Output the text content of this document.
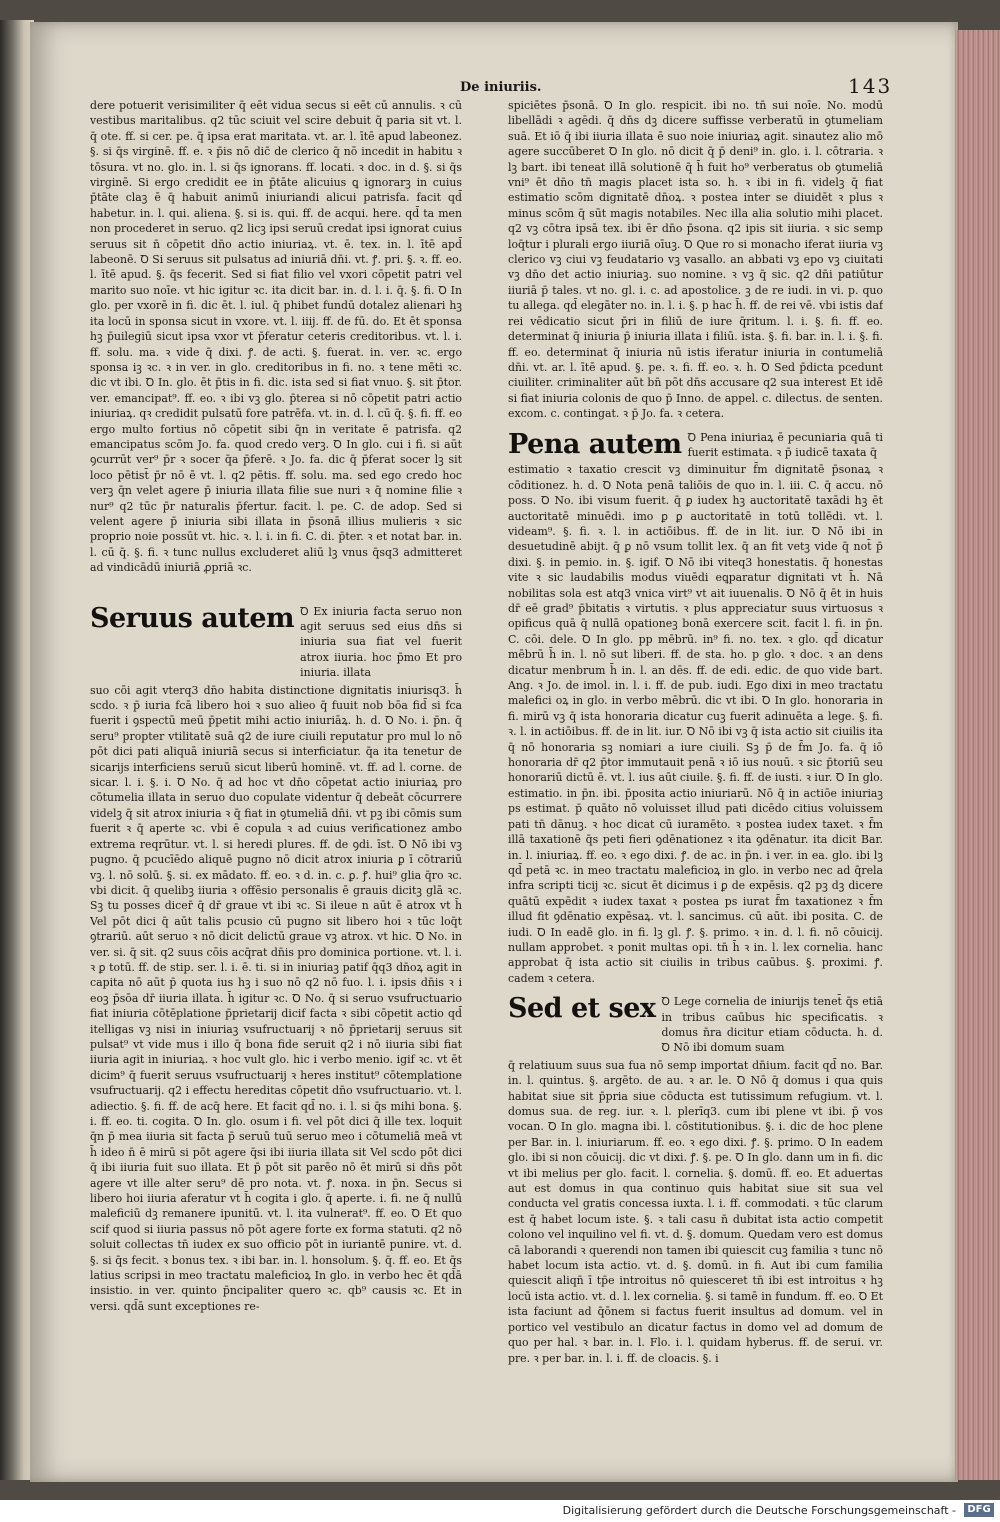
De iniuriis.	143

dere potuerit verisimiliter q̄ eēt vidua secus si eēt cū annulis. ꝛ cū vestibus maritalibus. q2 tūc sciuit vel scire debuit q̄ paria sit vt. l. q̄ ote. ff. si cer. pe. q̄ ipsa erat maritata. vt. ar. l. ītē apud labeonez. §. si q̄s virginē. ff. e. ꝛ p̄is nō dic̄ de clerico q̄ nō incedit in habitu ꝛ tōsura. vt no. glo. in. l. si q̄s ignorans. ff. locati. ꝛ doc. in d. §. si q̄s virginē. Si ergo credidit ee in p̄tāte alicuius ꝗ ignorarꝫ in cuius p̄tāte claꝫ ē q̄ habuit animū iniuriandi alicui patrisfa. facit qd̄ habetur. in. l. qui. aliena. §. si is. qui. ff. de acqui. here. qd̄ ta men non procederet in seruo. q2 licꝫ ipsi seruū credat ipsi ignorat cuius seruus sit n̄ cōpetit dn̄o actio iniuriaꝝ. vt. ē. tex. in. l. ītē apd̄ labeonē. Ꝺ Si seruus sit pulsatus ad iniuriā dn̄i. vt. ꝭ. pri. §. ꝛ. ff. eo. l. ītē apud. §. q̄s fecerit. Sed si fiat filio vel vxori cōpetit patri vel marito suo noīe. vt hic igitur ꝛc. ita dicit bar. in. d. l. i. q̄. §. fi. Ꝺ In glo. per vxorē in fi. dic ēt. l. iul. q̄ phibet fundū dotalez alienari hꝫ ita locū in sponsa sicut in vxore. vt. l. iiij. ff. de fū. do. Et ēt sponsa hꝫ p̄uilegiū sicut ipsa vxor vt p̄feratur ceteris creditoribus. vt. l. i. ff. solu. ma. ꝛ vide q̄ dixi. ꝭ. de acti. §. fuerat. in. ver. ꝛc. ergo sponsa iꝫ ꝛc. ꝛ in ver. in glo. creditoribus in fi. no. ꝛ tene mēti ꝛc. dic vt ibi. Ꝺ In. glo. ēt p̄tis in fi. dic. ista sed si fiat vnuo. §. sit p̄tor. ver. emancipat⁹. ff. eo. ꝛ ibi vꝫ glo. p̄terea si nō cōpetit patri actio iniuriaꝝ. qꝛ credidit pulsatū fore patrēfa. vt. in. d. l. cū q̄. §. fi. ff. eo ergo multo fortius nō cōpetit sibi q̄n in veritate ē patrisfa. q2 emancipatus scōm Jo. fa. quod credo verꝫ. Ꝺ In glo. cui i fi. si aūt ꝯcurrūt ver⁹ p̄r ꝛ socer q̄a p̄ferē. ꝛ Jo. fa. dic q̄ p̄ferat socer lꝫ sit loco pētist̄ p̄r nō ē vt. l. q2 pētis. ff. solu. ma. sed ego credo hoc verꝫ q̄n velet agere p̄ iniuria illata filie sue nuri ꝛ q̄ nomine filie ꝛ nur⁹ q2 tūc p̄r naturalis p̄fertur. facit. l. pe. C. de adop. Sed si velent agere p̄ iniuria sibi illata in p̄sonā illius mulieris ꝛ sic proprio noie possūt vt. hic. ꝛ. l. i. in fi. C. di. p̄ter. ꝛ et notat bar. in. l. cū q̄. §. fi. ꝛ tunc nullus excluderet aliū lꝫ vnus q̄sq3 admitteret ad vindicādū iniuriā ꝓpriā ꝛc.

Seruus autem Ꝺ Ex iniuria facta seruo non agit seruus sed eius dn̄s si iniuria sua fiat vel fuerit atrox iiuria. hoc p̄mo Et pro iniuria. illata

suo cōi agit vterq3 dn̄o habita distinctione dignitatis iniurisq3. h̄ scdo. ꝛ p̄ iuria fcā libero hoi ꝛ suo alieo q̄ fuuit nob bōa fid̄ si fca fuerit i ꝯspectū meū p̄petit mihi actio iniuriāꝝ. h. d. Ꝺ No. i. p̄n. q̄ seru⁹ propter vtilitatē suā q2 de iure ciuili reputatur pro mul lo nō pōt dici pati aliquā iniuriā secus si interficiatur. q̄a ita tenetur de sicarijs interficiens seruū sicut liberū hominē. vt. ff. ad l. corne. de sicar. l. i. §. i. Ꝺ No. q̄ ad hoc vt dn̄o cōpetat actio iniuriaꝝ pro cōtumelia illata in seruo duo copulate videntur q̄ debeāt cōcurrere videlꝫ q̄ sit atrox iniuria ꝛ q̄ fiat in ꝯtumeliā dn̄i. vt pꝫ ibi cōmis sum fuerit ꝛ q̄ aperte ꝛc. vbi ē copula ꝛ ad cuius verificationez ambo extrema reqrūtur. vt. l. si heredi plures. ff. de ꝯdi. īst. Ꝺ Nō ibi vꝫ pugno. q̄ pcucīēdo aliquē pugno nō dicit atrox iniuria ꝑ ī cōtrariū vꝫ. l. nō solū. §. si. ex mādato. ff. eo. ꝛ d. in. c. ꝑ. ꝭ. hui⁹ glia q̄ro ꝛc. vbi dicit. q̄ quelibꝫ iiuria ꝛ offēsio personalis ē grauis dicitꝫ glā ꝛc. Sꝫ tu posses dicer̄ q̄ dr̄ graue vt ibi ꝛc. Si ileue n aūt ē atrox vt h̄ Vel pōt dici q̄ aūt talis pcusio cū pugno sit libero hoi ꝛ tūc loq̄t ꝯtrariū. aūt seruo ꝛ nō dicit delictū graue vꝫ atrox. vt hic. Ꝺ No. in ver. si. q̄ sit. q2 suus cōis acq̄rat dn̄is pro dominica portione. vt. l. i. ꝛ ꝑ totū. ff. de stip. ser. l. i. ē. ti. si in iniuriaꝫ patif q̄q3 dn̄oꝝ agit in capita nō aūt p̄ quota ius hꝫ i suo nō q2 nō fuo. l. i. ipsis dn̄is ꝛ i eoꝫ p̄sōa dr̄ iiuria illata. h̄ igitur ꝛc. Ꝺ No. q̄ si seruo vsufructuario fiat iniuria cōtēplatione p̄prietarij dicif facta ꝛ sibi cōpetit actio qd̄ itelligas vꝫ nisi in iniuriaꝫ vsufructuarij ꝛ nō p̄prietarij seruus sit pulsat⁹ vt vide mus i illo q̄ bona fide seruit q2 i nō iiuria sibi fiat iiuria agit in iniuriaꝝ. ꝛ hoc vult glo. hic i verbo menio. igif ꝛc. vt ēt dicim⁹ q̄ fuerit seruus vsufructuarij ꝛ heres institut⁹ cōtemplatione vsufructuarij. q2 i effectu hereditas cōpetit dn̄o vsufructuario. vt. l. adiectio. §. fi. ff. de acq̄ here. Et facit qd̄ no. i. l. si q̄s mihi bona. §. i. ff. eo. ti. cogita. Ꝺ In. glo. osum i fi. vel pōt dici q̄ ille tex. loquit q̄n p̄ mea iiuria sit facta p̄ seruū tuū seruo meo i cōtumeliā meā vt h̄ ideo n̄ ē mirū si pōt agere q̄si ibi iiuria illata sit Vel scdo pōt dici q̄ ibi iiuria fuit suo illata. Et p̄ pōt sit parēo nō ēt mirū si dn̄s pōt agere vt ille alter seru⁹ dē pro nota. vt. ꝭ. noxa. in p̄n. Secus si libero hoi iiuria aferatur vt h̄ cogita i glo. q̄ aperte. i. fi. ne q̄ nullū maleficiū dꝫ remanere ipunitū. vt. l. ita vulnerat⁹. ff. eo. Ꝺ Et quo scif quod si iiuria passus nō pōt agere forte ex forma statuti. q2 nō soluit collectas tn̄ iudex ex suo officio pōt in iuriantē punire. vt. d. §. si q̄s fecit. ꝛ bonus tex. ꝛ ibi bar. in. l. honsolum. §. q̄. ff. eo. Et q̄s latius scripsi in meo tractatu maleficioꝝ In glo. in verbo hec ēt qd̄ā insistio. in ver. quinto p̄ncipaliter quero ꝛc. qb⁹ causis ꝛc. Et in versi. qd̄ā sunt exceptiones re-

spiciētes p̄sonā. Ꝺ In glo. respicit. ibi no. tn̄ sui noīe. No. modū libellādi ꝛ agēdi. q̄ dn̄s dꝫ dicere suffisse verberatū in ꝯtumeliam suā. Et iō q̄ ibi iiuria illata ē suo noie iniuriaꝝ agit. sinautez alio mō agere succūberet Ꝺ In glo. nō dicit q̄ p̄ deni⁹ in. glo. i. l. cōtraria. ꝛ lꝫ bart. ibi teneat illā solutionē q̄ h̄ fuit ho⁹ verberatus ob ꝯtumeliā vni⁹ ēt dn̄o tn̄ magis placet ista so. h. ꝛ ibi in fi. videlꝫ q̄ fiat estimatio scōm dignitatē dn̄oꝝ. ꝛ postea inter se diuidēt ꝛ plus ꝛ minus scōm q̄ sūt magis notabiles. Nec illa alia solutio mihi placet. q2 vꝫ cōtra ipsā tex. ibi ēr dn̄o p̄sona. q2 ipis sit iiuria. ꝛ sic semp loq̄tur i plurali ergo iiuriā oīuꝫ. Ꝺ Que ro si monacho iferat iiuria vꝫ clerico vꝫ ciui vꝫ feudatario vꝫ vasallo. an abbati vꝫ epo vꝫ ciuitati vꝫ dn̄o det actio iniuriaꝫ. suo nomine. ꝛ vꝫ q̄ sic. q2 dn̄i patiūtur iiuriā p̄ tales. vt no. gl. i. c. ad apostolice. ꝫ de re iudi. in vi. p. quo tu allega. qd̄ elegāter no. in. l. i. §. p hac h̄. ff. de rei vē. vbi istis daf rei vēdicatio sicut p̄ri in filiū de iure q̄ritum. l. i. §. fi. ff. eo. determinat q̄ iniuria p̄ iniuria illata i filiū. ista. §. fi. bar. in. l. i. §. fi. ff. eo. determinat q̄ iniuria nū istis iferatur iniuria in contumeliā dn̄i. vt. ar. l. ītē apud. §. pe. ꝛ. fi. ff. eo. ꝛ. h. Ꝺ Sed p̄dicta pcedunt ciuiliter. criminaliter aūt bn̄ pōt dn̄s accusare q2 sua interest Et idē si fiat iniuria colonis de quo p̄ Inno. de appel. c. dilectus. de senten. excom. c. contingat. ꝛ p̄ Jo. fa. ꝛ cetera.

Pena autem Ꝺ Pena iniuriaꝝ ē pecuniaria quā ti fuerit estimata. ꝛ p̄ iudicē taxata q̄

estimatio ꝛ taxatio crescit vꝫ diminuitur f̄m dignitatē p̄sonaꝝ ꝛ cōditionez. h. d. Ꝺ Nota penā taliōis de quo in. l. iii. C. q̄ accu. nō poss. Ꝺ No. ibi visum fuerit. q̄ ꝑ iudex hꝫ auctoritatē taxādi hꝫ ēt auctoritatē minuēdi. imo ꝑ ꝑ auctoritatē in totū tollēdi. vt. l. videam⁹. §. fi. ꝛ. l. in actiōibus. ff. de in lit. iur. Ꝺ Nō ibi in desuetudinē abijt. q̄ ꝑ nō vsum tollit lex. q̄ an fit vetꝫ vide q̄ not̄ p̄ dixi. §. in pemio. in. §. igif. Ꝺ Nō ibi viteq3 honestatis. q̄ honestas vite ꝛ sic laudabilis modus viuēdi eꝗparatur dignitati vt h̄. Nā nobilitas sola est atq3 vnica virt⁹ vt ait iuuenalis. Ꝺ Nō q̄ ēt in huis dr̄ eē grad⁹ p̄bitatis ꝛ virtutis. ꝛ plus appreciatur suus virtuosus ꝛ opificus quā q̄ nullā opationeꝫ bonā exercere scit. facit l. fi. in p̄n. C. cōi. dele. Ꝺ In glo. pp mēbrū. in⁹ fi. no. tex. ꝛ glo. qd̄ dicatur mēbrū h̄ in. l. nō sut liberi. ff. de sta. ho. p glo. ꝛ doc. ꝛ an dens dicatur menbrum h̄ in. l. an dēs. ff. de edi. edic. de quo vide bart. Ang. ꝛ Jo. de imol. in. l. i. ff. de pub. iudi. Ego dixi in meo tractatu malefici oꝝ in glo. in verbo mēbrū. dic vt ibi. Ꝺ In glo. honoraria in fi. mirū vꝫ q̄ ista honoraria dicatur cuꝫ fuerit adinuēta a lege. §. fi. ꝛ. l. in actiōibus. ff. de in lit. iur. Ꝺ Nō ibi vꝫ q̄ ista actio sit ciuilis ita q̄ nō honoraria sꝫ nomiari a iure ciuili. Sꝫ p̄ de f̄m Jo. fa. q̄ iō honoraria dr̄ q2 p̄tor immutauit penā ꝛ iō ius nouū. ꝛ sic p̄toriū seu honorariū dictū ē. vt. l. ius aūt ciuile. §. fi. ff. de iusti. ꝛ iur. Ꝺ In glo. estimatio. in p̄n. ibi. p̄posita actio iniuriarū. Nō q̄ in actiōe iniuriaꝫ ps estimat. p̄ quāto nō voluisset illud pati dicēdo citius voluissem pati tn̄ dānuꝫ. ꝛ hoc dicat cū iuramēto. ꝛ postea iudex taxet. ꝛ f̄m illā taxationē q̄s peti fieri ꝯdēnationez ꝛ ita ꝯdēnatur. ita dicit Bar. in. l. iniuriaꝝ. ff. eo. ꝛ ego dixi. ꝭ. de ac. in p̄n. i ver. in ea. glo. ibi lꝫ qd̄ petā ꝛc. in meo tractatu maleficioꝝ in glo. in verbo nec ad q̄rela infra scripti ticij ꝛc. sicut ēt dicimus i ꝑ de expēsis. q2 pꝫ dꝫ dicere quātū expēdit ꝛ iudex taxat ꝛ postea ps iurat f̄m taxationez ꝛ f̄m illud fit ꝯdēnatio expēsaꝝ. vt. l. sancimus. cū aūt. ibi posita. C. de iudi. Ꝺ In eadē glo. in fi. lꝫ gl. ꝭ. §. primo. ꝛ in. d. l. fi. nō cōuicij. nullam approbet. ꝛ ponit multas opi. tn̄ h̄ ꝛ in. l. lex cornelia. hanc approbat q̄ ista actio sit ciuilis in tribus caūbus. §. proximi. ꝭ. cadem ꝛ cetera.

Sed et sex Ꝺ Lege cornelia de iniurijs tenet̄ q̄s etiā in tribus caūbus hic specificatis. ꝛ domus n̄ra dicitur etiam cōducta. h. d. Ꝺ Nō ibi domum suam

q̄ relatiuum suus sua fua nō semp importat dn̄ium. facit qd̄ no. Bar. in. l. quintus. §. argēto. de au. ꝛ ar. le. Ꝺ Nō q̄ domus i qua quis habitat siue sit p̄pria siue cōducta est tutissimum refugium. vt. l. domus sua. de reg. iur. ꝛ. l. plerīq3. cum ibi plene vt ibi. p̄ vos vocan. Ꝺ In glo. magna ibi. l. cōstitutionibus. §. i. dic de hoc plene per Bar. in. l. iniuriarum. ff. eo. ꝛ ego dixi. ꝭ. §. primo. Ꝺ In eadem glo. ibi si non cōuicij. dic vt dixi. ꝭ. §. pe. Ꝺ In glo. dann um in fi. dic vt ibi melius per glo. facit. l. cornelia. §. domū. ff. eo. Et aduertas aut est domus in qua continuo quis habitat siue sit sua vel conducta vel gratis concessa iuxta. l. i. ff. commodati. ꝛ tūc clarum est q̄ habet locum iste. §. ꝛ tali casu n̄ dubitat ista actio competit colono vel inquilino vel fi. vt. d. §. domum. Quedam vero est domus cā laborandi ꝛ querendi non tamen ibi quiescit cuꝫ familia ꝛ tunc nō habet locum ista actio. vt. d. §. domū. in fi. Aut ibi cum familia quiescit aliqn̄ ī tp̄e introitus nō quiesceret tn̄ ibi est introitus ꝛ hꝫ locū ista actio. vt. d. l. lex cornelia. §. si tamē in fundum. ff. eo. Ꝺ Et ista faciunt ad q̄ōnem si factus fuerit insultus ad domum. vel in portico vel vestibulo an dicatur factus in domo vel ad domum de quo per hal. ꝛ bar. in. l. Flo. i. l. quidam hyberus. ff. de serui. vr. pre. ꝛ per bar. in. l. i. ff. de cloacis. §. i

Digitalisierung gefördert durch die Deutsche Forschungsgemeinschaft -	DFG
